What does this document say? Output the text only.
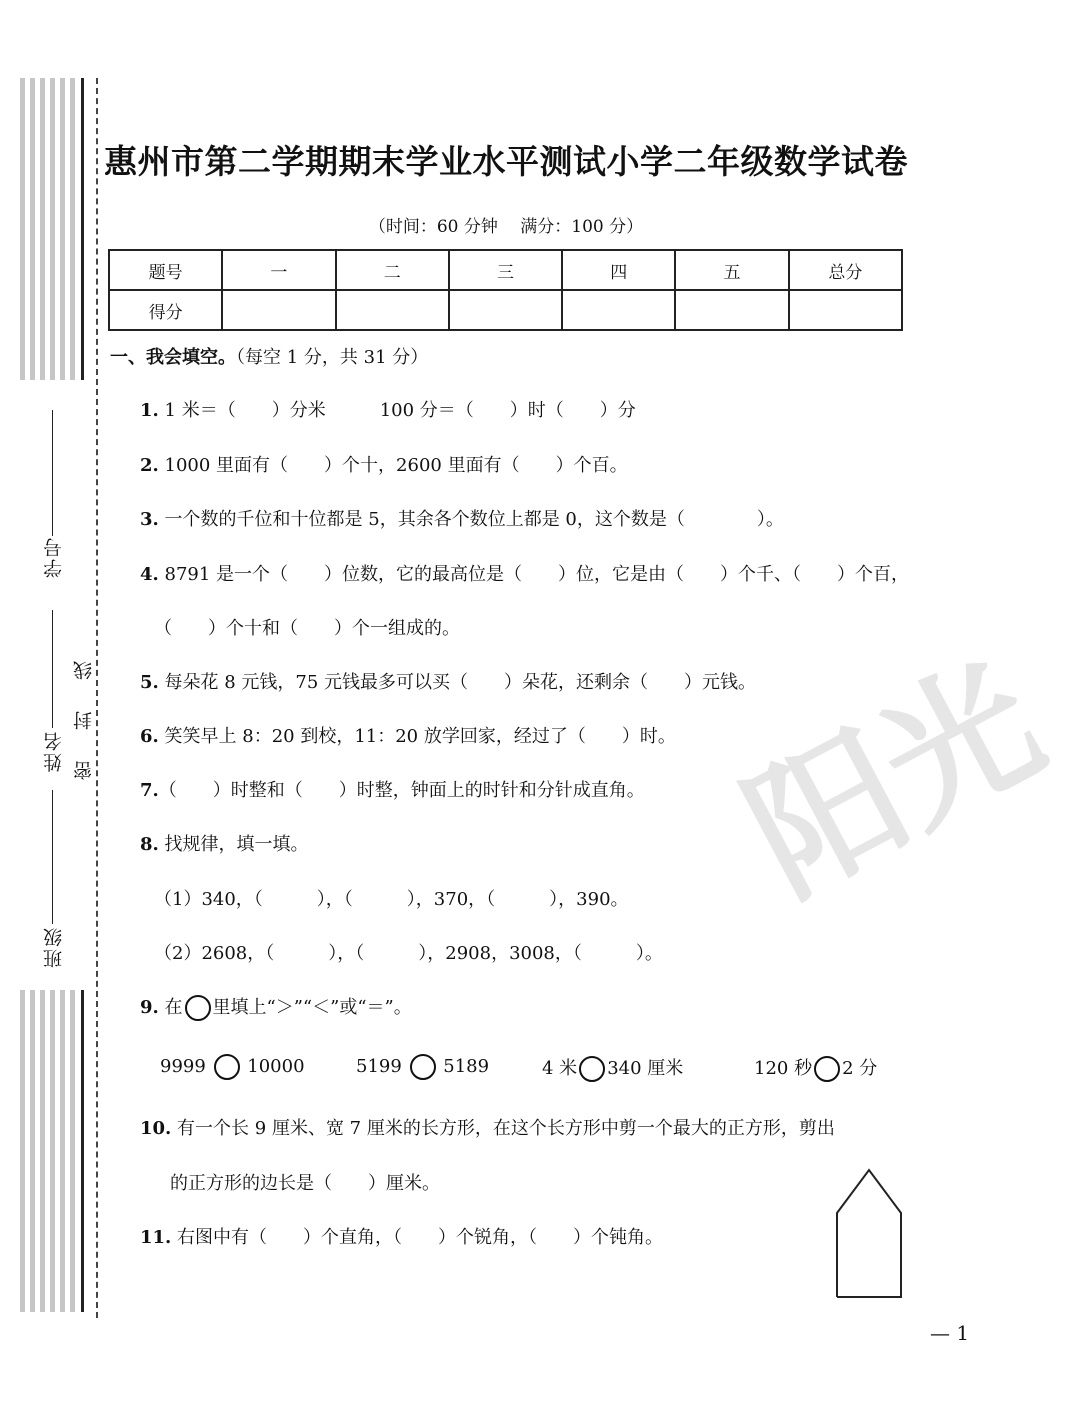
学号
姓名
班级
密　封　线	阳光
惠州市第二学期期末学业水平测试小学二年级数学试卷
（时间：60 分钟　 满分：100 分）
题号	一	二	三	四	五	总分
得分						
一、我会填空。（每空 1 分，共 31 分）
1. 1 米＝（　　）分米　　　100 分＝（　　）时（　　）分
2. 1000 里面有（　　）个十，2600 里面有（　　）个百。
3. 一个数的千位和十位都是 5，其余各个数位上都是 0，这个数是（　　　　）。
4. 8791 是一个（　　）位数，它的最高位是（　　）位，它是由（　　）个千、（　　）个百，
（　　）个十和（　　）个一组成的。
5. 每朵花 8 元钱，75 元钱最多可以买（　　）朵花，还剩余（　　）元钱。
6. 笑笑早上 8：20 到校，11：20 放学回家，经过了（　　）时。
7.（　　）时整和（　　）时整，钟面上的时针和分针成直角。
8. 找规律，填一填。
（1）340，（　　　），（　　　），370，（　　　），390。
（2）2608，（　　　），（　　　），2908，3008，（　　　）。
9. 在 里填上“＞”“＜”或“＝”。
9999 10000	5199 5189	4 米 340 厘米	120 秒 2 分
10. 有一个长 9 厘米、宽 7 厘米的长方形，在这个长方形中剪一个最大的正方形，剪出
的正方形的边长是（　　）厘米。
11. 右图中有（　　）个直角，（　　）个锐角，（　　）个钝角。
— 1
